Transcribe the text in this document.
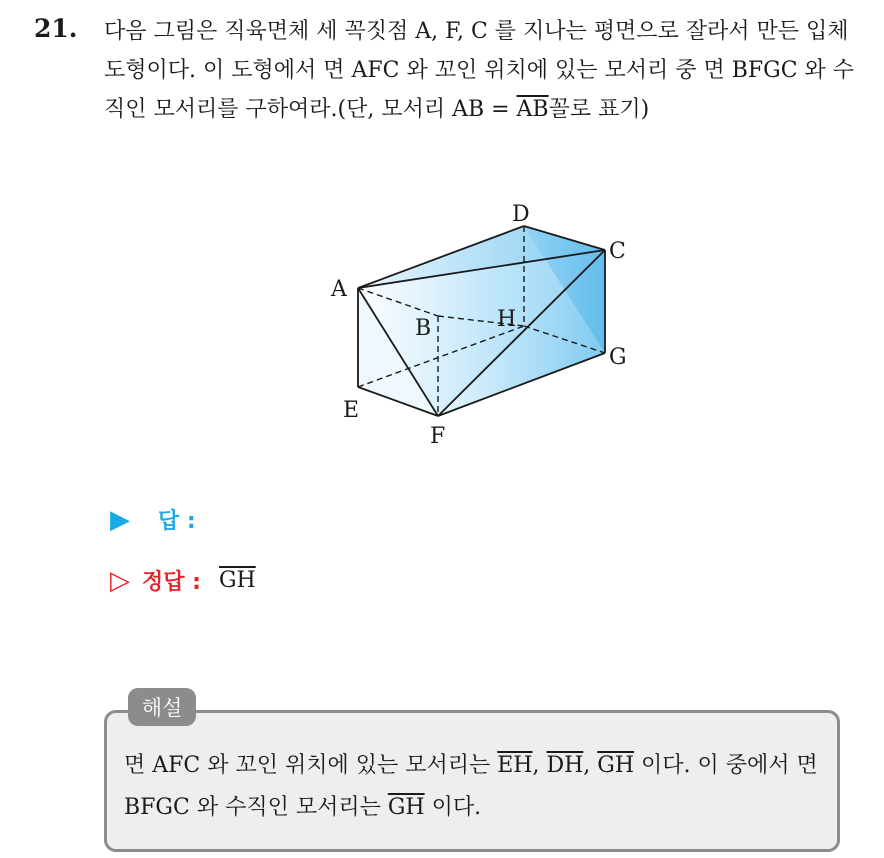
21. 다음 그림은 직육면체 세 꼭짓점 A, F, C 를 지나는 평면으로 잘라서 만든 입체 도형이다. 이 도형에서 면 AFC 와 꼬인 위치에 있는 모서리 중 면 BFGC 와 수직인 모서리를 구하여라.(단, 모서리 AB = $\overline{AB}$꼴로 표기)
A
B
C
D
E
F
G
H
▶ 답 :
▷ 정답 : $\overline{GH}$
해설
면 AFC 와 꼬인 위치에 있는 모서리는 $\overline{EH}$, $\overline{DH}$, $\overline{GH}$ 이다. 이 중에서 면 BFGC 와 수직인 모서리는 $\overline{GH}$ 이다.
